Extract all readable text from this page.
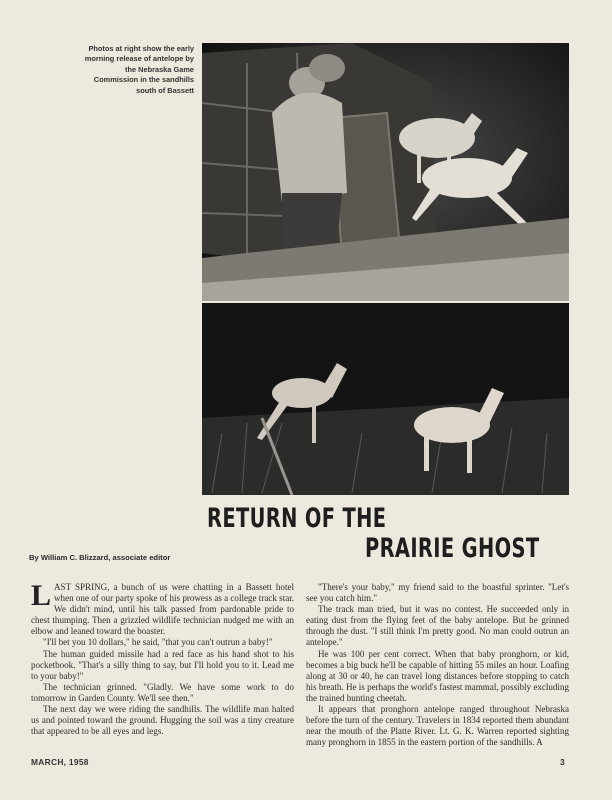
Photos at right show the early morning release of antelope by the Nebraska Game Commission in the sandhills south of Bassett
RETURN OF THE
PRAIRIE GHOST
By William C. Blizzard, associate editor

LAST SPRING, a bunch of us were chatting in a Bassett hotel when one of our party spoke of his prowess as a college track star. We didn't mind, until his talk passed from pardonable pride to chest thumping. Then a grizzled wildlife technician nudged me with an elbow and leaned toward the boaster.

"I'll bet you 10 dollars," he said, "that you can't outrun a baby!"

The human guided missile had a red face as his hand shot to his pocketbook. "That's a silly thing to say, but I'll hold you to it. Lead me to your baby!"

The technician grinned. "Gladly. We have some work to do tomorrow in Garden County. We'll see then."

The next day we were riding the sandhills. The wildlife man halted us and pointed toward the ground. Hugging the soil was a tiny creature that appeared to be all eyes and legs.

"There's your baby," my friend said to the boastful sprinter. "Let's see you catch him."

The track man tried, but it was no contest. He succeeded only in eating dust from the flying feet of the baby antelope. But he grinned through the dust. "I still think I'm pretty good. No man could outrun an antelope."

He was 100 per cent correct. When that baby pronghorn, or kid, becomes a big buck he'll be capable of hitting 55 miles an hour. Loafing along at 30 or 40, he can travel long distances before stopping to catch his breath. He is perhaps the world's fastest mammal, possibly excluding the trained hunting cheetah.

It appears that pronghorn antelope ranged throughout Nebraska before the turn of the century. Travelers in 1834 reported them abundant near the mouth of the Platte River. Lt. G. K. Warren reported sighting many pronghorn in 1855 in the eastern portion of the sandhills. A

MARCH, 1958	3
